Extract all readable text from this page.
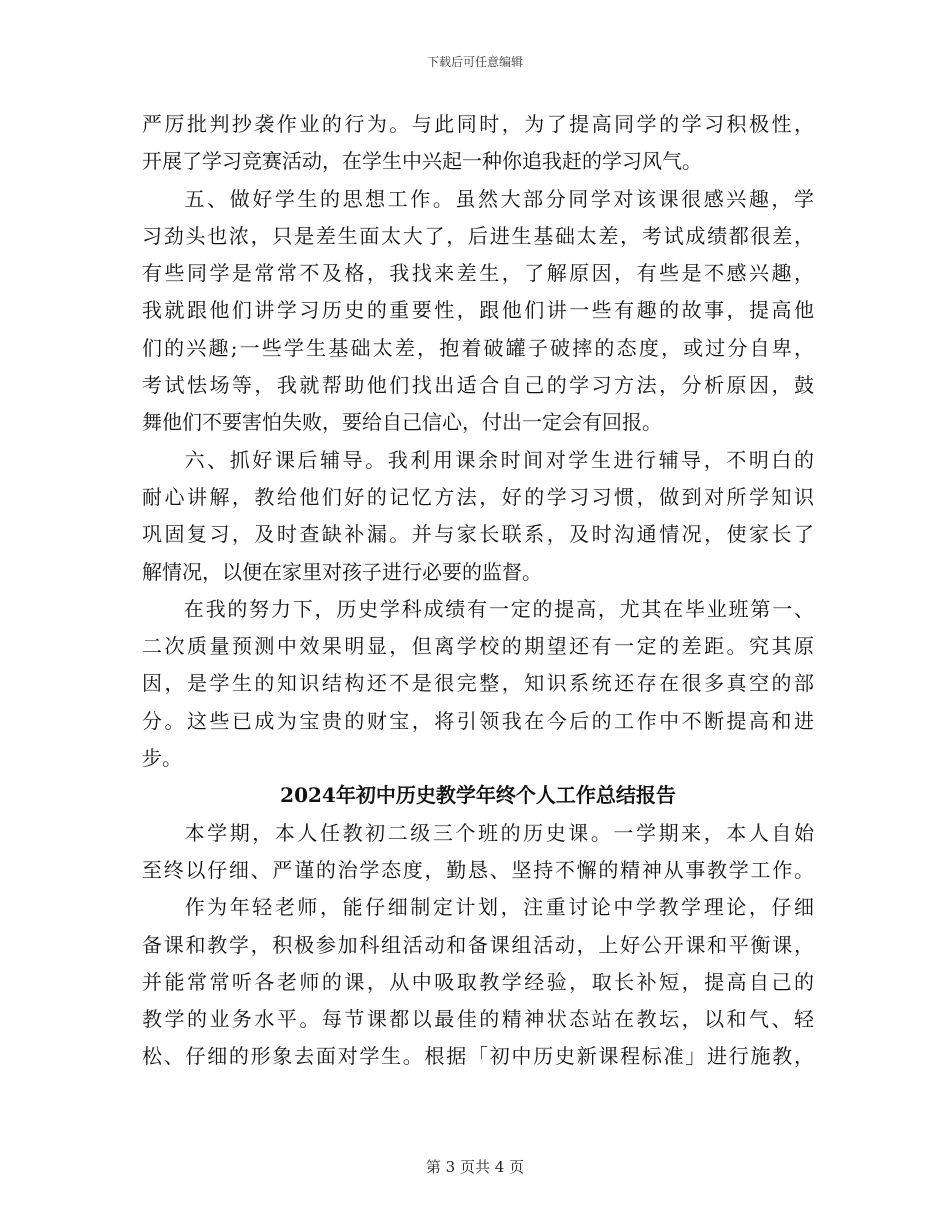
下载后可任意编辑
严厉批判抄袭作业的行为。与此同时，为了提高同学的学习积极性，
开展了学习竞赛活动，在学生中兴起一种你追我赶的学习风气。
五、做好学生的思想工作。虽然大部分同学对该课很感兴趣，学
习劲头也浓，只是差生面太大了，后进生基础太差，考试成绩都很差，
有些同学是常常不及格，我找来差生，了解原因，有些是不感兴趣，
我就跟他们讲学习历史的重要性，跟他们讲一些有趣的故事，提高他
们的兴趣;一些学生基础太差，抱着破罐子破摔的态度，或过分自卑，
考试怯场等，我就帮助他们找出适合自己的学习方法，分析原因，鼓
舞他们不要害怕失败，要给自己信心，付出一定会有回报。
六、抓好课后辅导。我利用课余时间对学生进行辅导，不明白的
耐心讲解，教给他们好的记忆方法，好的学习习惯，做到对所学知识
巩固复习，及时查缺补漏。并与家长联系，及时沟通情况，使家长了
解情况，以便在家里对孩子进行必要的监督。
在我的努力下，历史学科成绩有一定的提高，尤其在毕业班第一、
二次质量预测中效果明显，但离学校的期望还有一定的差距。究其原
因，是学生的知识结构还不是很完整，知识系统还存在很多真空的部
分。这些已成为宝贵的财宝，将引领我在今后的工作中不断提高和进
步。
2024年初中历史教学年终个人工作总结报告
本学期，本人任教初二级三个班的历史课。一学期来，本人自始
至终以仔细、严谨的治学态度，勤恳、坚持不懈的精神从事教学工作。
作为年轻老师，能仔细制定计划，注重讨论中学教学理论，仔细
备课和教学，积极参加科组活动和备课组活动，上好公开课和平衡课，
并能常常听各老师的课，从中吸取教学经验，取长补短，提高自己的
教学的业务水平。每节课都以最佳的精神状态站在教坛，以和气、轻
松、仔细的形象去面对学生。根据「初中历史新课程标准」进行施教，
第 3 页共 4 页
